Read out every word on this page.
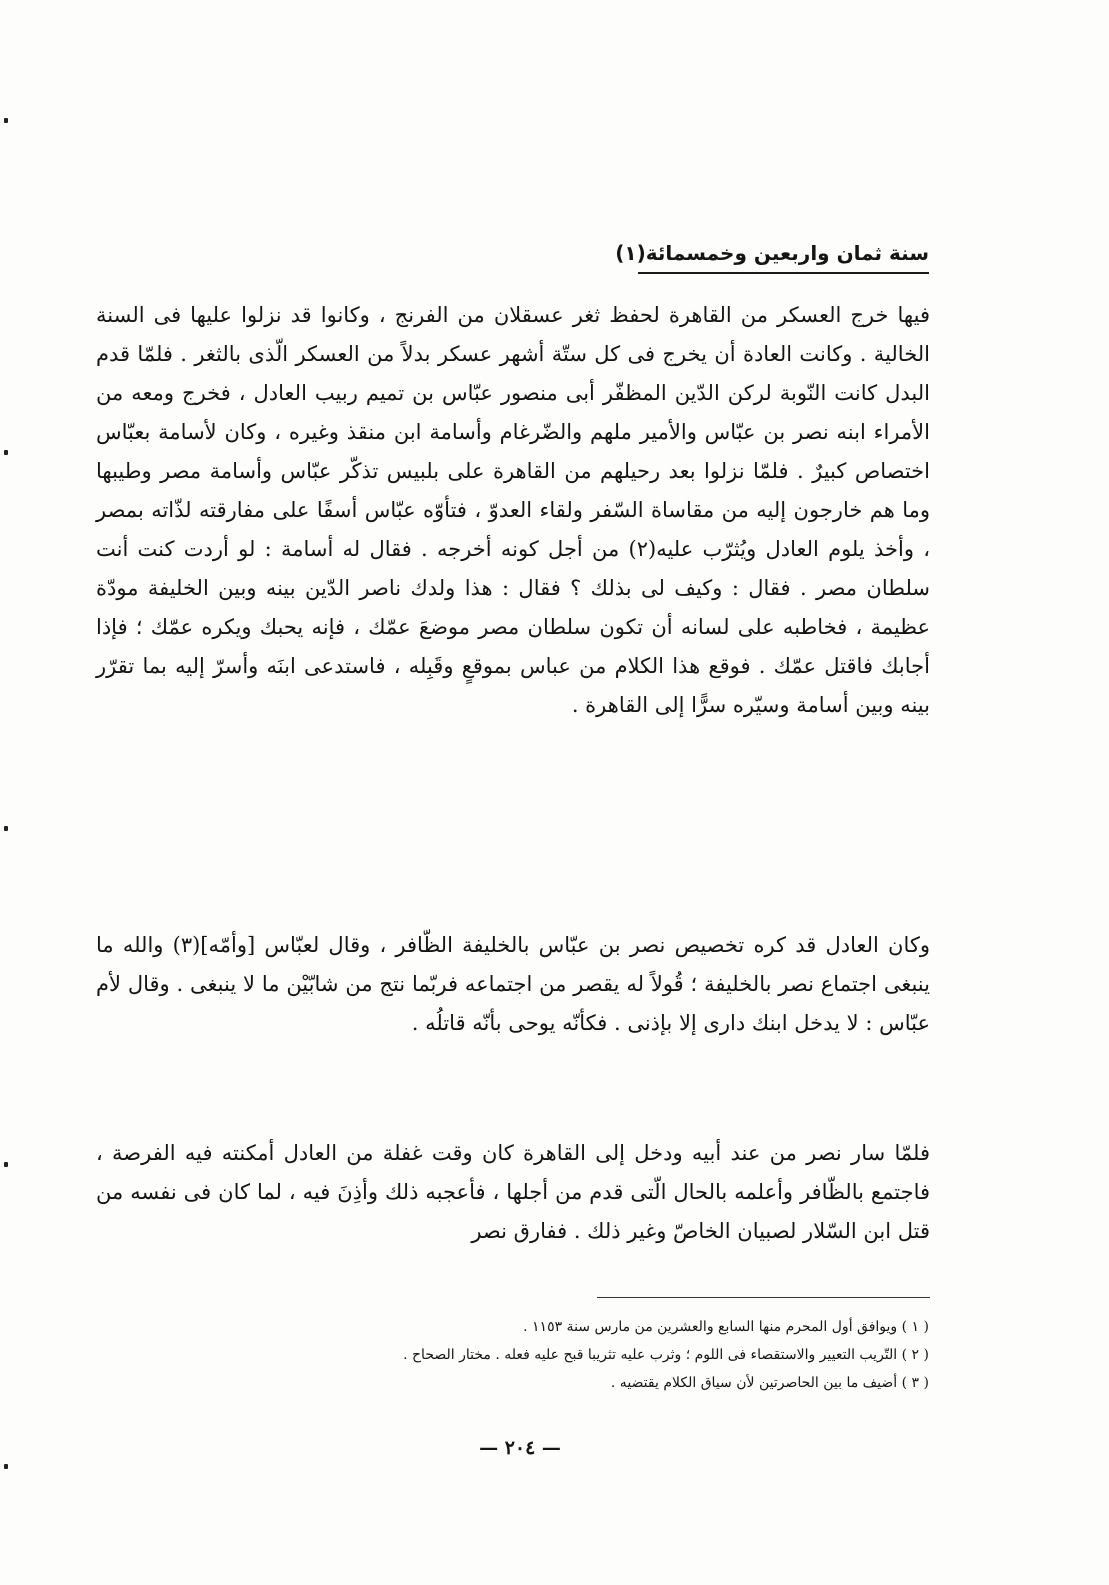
سنة ثمان واربعين وخمسمائة(١)

فيها خرج العسكر من القاهرة لحفظ ثغر عسقلان من الفرنج ، وكانوا قد نزلوا عليها فى السنة الخالية . وكانت العادة أن يخرج فى كل ستّة أشهر عسكر بدلاً من العسكر الّذى بالثغر . فلمّا قدم البدل كانت النّوبة لركن الدّين المظفّر أبى منصور عبّاس بن تميم ربيب العادل ، فخرج ومعه من الأمراء ابنه نصر بن عبّاس والأمير ملهم والضّرغام وأسامة ابن منقذ وغيره ، وكان لأسامة بعبّاس اختصاص كبيرٌ . فلمّا نزلوا بعد رحيلهم من القاهرة على بلبيس تذكّر عبّاس وأسامة مصر وطيبها وما هم خارجون إليه من مقاساة السّفر ولقاء العدوّ ، فتأوّه عبّاس أسفًا على مفارقته لذّاته بمصر ، وأخذ يلوم العادل ويُثرّب عليه(٢) من أجل كونه أخرجه . فقال له أسامة : لو أردت كنت أنت سلطان مصر . فقال : وكيف لى بذلك ؟ فقال : هذا ولدك ناصر الدّين بينه وبين الخليفة مودّة عظيمة ، فخاطبه على لسانه أن تكون سلطان مصر موضعَ عمّك ، فإنه يحبك ويكره عمّك ؛ فإذا أجابك فاقتل عمّك . فوقع هذا الكلام من عباس بموقعٍ وقَبِله ، فاستدعى ابنَه وأسرّ إليه بما تقرّر بينه وبين أسامة وسيّره سرًّا إلى القاهرة .

وكان العادل قد كره تخصيص نصر بن عبّاس بالخليفة الظّافر ، وقال لعبّاس [وأمّه](٣) والله ما ينبغى اجتماع نصر بالخليفة ؛ قُولاً له يقصر من اجتماعه فربّما نتج من شابّيْن ما لا ينبغى . وقال لأم عبّاس : لا يدخل ابنك دارى إلا بإذنى . فكأنّه يوحى بأنّه قاتلُه .

فلمّا سار نصر من عند أبيه ودخل إلى القاهرة كان وقت غفلة من العادل أمكنته فيه الفرصة ، فاجتمع بالظّافر وأعلمه بالحال الّتى قدم من أجلها ، فأعجبه ذلك وأذِنَ فيه ، لما كان فى نفسه من قتل ابن السّلار لصبيان الخاصّ وغير ذلك . ففارق نصر

( ١ ) ويوافق أول المحرم منها السابع والعشرين من مارس سنة ١١٥٣ .
( ٢ ) التّريب التعيير والاستقصاء فى اللوم ؛ وثرب عليه تثريبا قبح عليه فعله . مختار الصحاح .
( ٣ ) أضيف ما بين الحاصرتين لأن سياق الكلام يقتضيه .
— ٢٠٤ —
